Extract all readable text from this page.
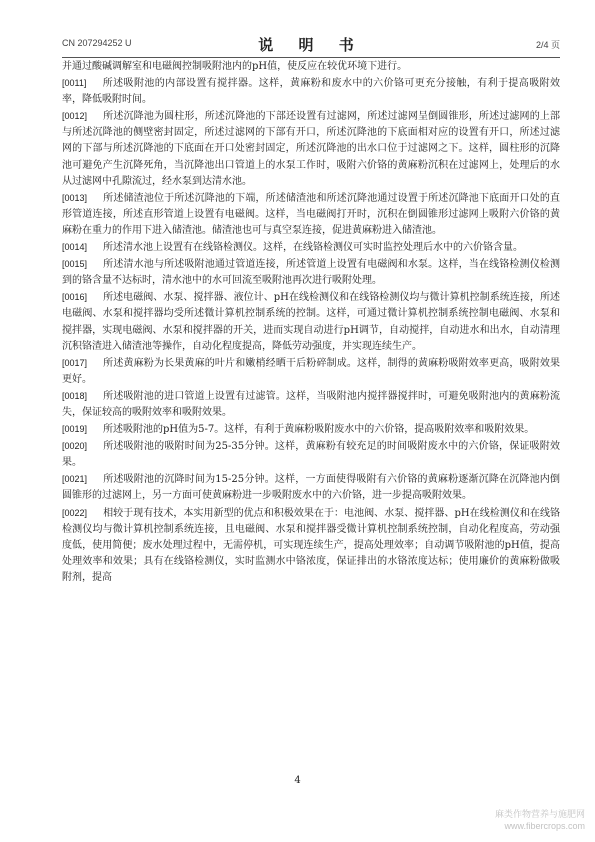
CN 207294252 U	说 明 书	2/4 页

并通过酸碱调解室和电磁阀控制吸附池内的pH值，使反应在较优环境下进行。

[0011] 所述吸附池的内部设置有搅拌器。这样，黄麻粉和废水中的六价铬可更充分接触，有利于提高吸附效率，降低吸附时间。

[0012] 所述沉降池为圆柱形，所述沉降池的下部还设置有过滤网，所述过滤网呈倒圆锥形，所述过滤网的上部与所述沉降池的侧壁密封固定，所述过滤网的下部有开口，所述沉降池的下底面相对应的设置有开口，所述过滤网的下部与所述沉降池的下底面在开口处密封固定，所述沉降池的出水口位于过滤网之下。这样，圆柱形的沉降池可避免产生沉降死角，当沉降池出口管道上的水泵工作时，吸附六价铬的黄麻粉沉积在过滤网上，处理后的水从过滤网中孔隙流过，经水泵到达清水池。

[0013] 所述储渣池位于所述沉降池的下端，所述储渣池和所述沉降池通过设置于所述沉降池下底面开口处的直形管道连接，所述直形管道上设置有电磁阀。这样，当电磁阀打开时，沉积在倒圆锥形过滤网上吸附六价铬的黄麻粉在重力的作用下进入储渣池。储渣池也可与真空泵连接，促进黄麻粉进入储渣池。

[0014] 所述清水池上设置有在线铬检测仪。这样，在线铬检测仪可实时监控处理后水中的六价铬含量。

[0015] 所述清水池与所述吸附池通过管道连接，所述管道上设置有电磁阀和水泵。这样，当在线铬检测仪检测到的铬含量不达标时，清水池中的水可回流至吸附池再次进行吸附处理。

[0016] 所述电磁阀、水泵、搅拌器、液位计、pH在线检测仪和在线铬检测仪均与微计算机控制系统连接，所述电磁阀、水泵和搅拌器均受所述微计算机控制系统的控制。这样，可通过微计算机控制系统控制电磁阀、水泵和搅拌器，实现电磁阀、水泵和搅拌器的开关，进而实现自动进行pH调节，自动搅拌，自动进水和出水，自动清理沉积铬渣进入储渣池等操作，自动化程度提高，降低劳动强度，并实现连续生产。

[0017] 所述黄麻粉为长果黄麻的叶片和嫩梢经晒干后粉碎制成。这样，制得的黄麻粉吸附效率更高，吸附效果更好。

[0018] 所述吸附池的进口管道上设置有过滤管。这样，当吸附池内搅拌器搅拌时，可避免吸附池内的黄麻粉流失，保证较高的吸附效率和吸附效果。

[0019] 所述吸附池的pH值为5-7。这样，有利于黄麻粉吸附废水中的六价铬，提高吸附效率和吸附效果。

[0020] 所述吸附池的吸附时间为25-35分钟。这样，黄麻粉有较充足的时间吸附废水中的六价铬，保证吸附效果。

[0021] 所述吸附池的沉降时间为15-25分钟。这样，一方面使得吸附有六价铬的黄麻粉逐渐沉降在沉降池内倒圆锥形的过滤网上，另一方面可使黄麻粉进一步吸附废水中的六价铬，进一步提高吸附效果。

[0022] 相较于现有技术，本实用新型的优点和积极效果在于：电池阀、水泵、搅拌器、pH在线检测仪和在线铬检测仪均与微计算机控制系统连接，且电磁阀、水泵和搅拌器受微计算机控制系统控制，自动化程度高，劳动强度低，使用简便；废水处理过程中，无需停机，可实现连续生产，提高处理效率；自动调节吸附池的pH值，提高处理效率和效果；具有在线铬检测仪，实时监测水中铬浓度，保证排出的水铬浓度达标；使用廉价的黄麻粉做吸附剂，提高

4
麻类作物营养与施肥网
www.fibercrops.com
